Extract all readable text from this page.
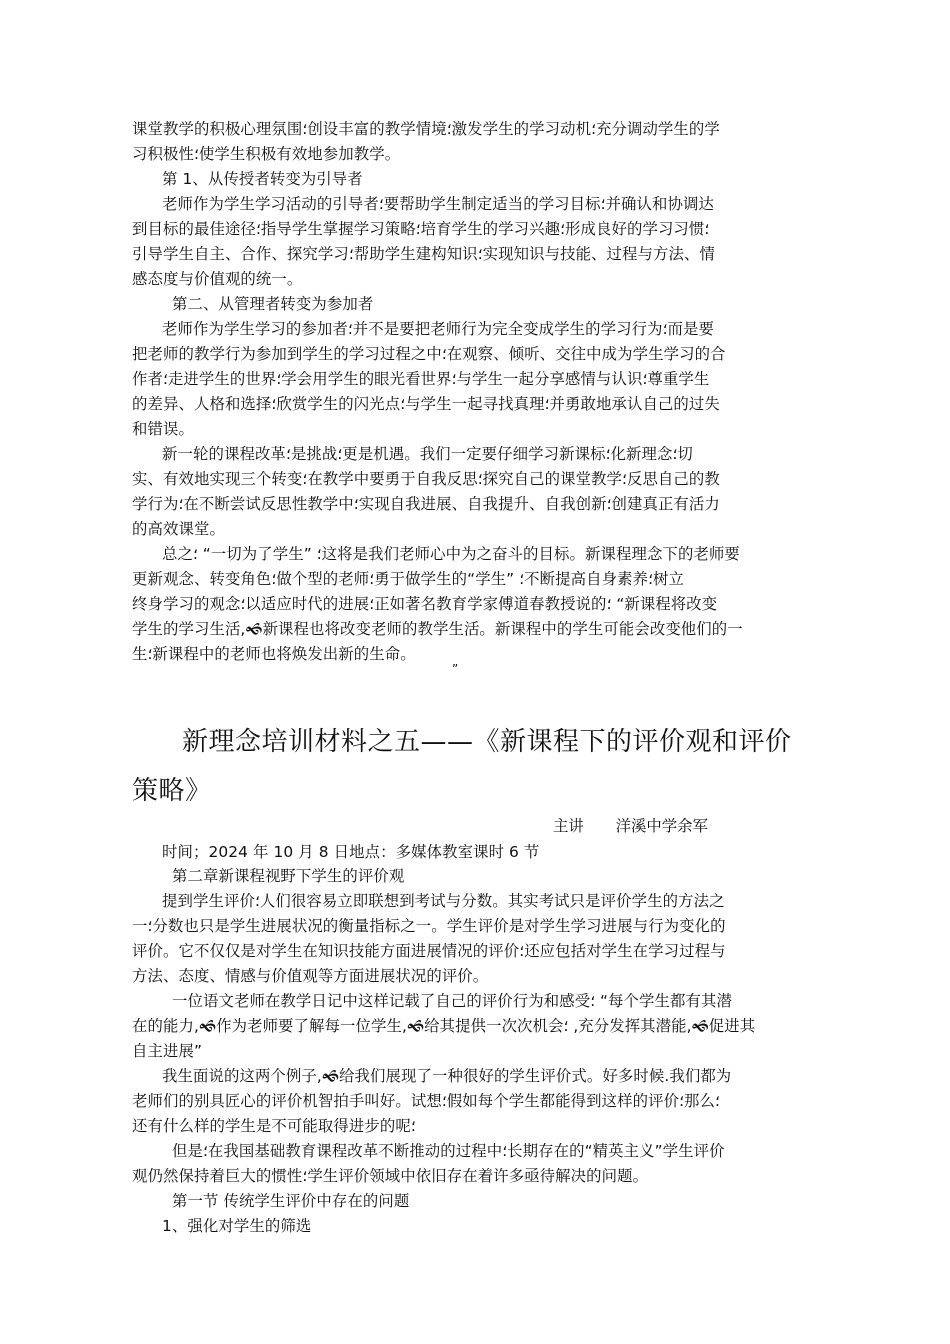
课堂教学的积极心理氛围؛创设丰富的教学情境؛激发学生的学习动机؛充分调动学生的学
习积极性؛使学生积极有效地参加教学。
第 1、从传授者转变为引导者
老师作为学生学习活动的引导者؛要帮助学生制定适当的学习目标؛并确认和协调达
到目标的最佳途径؛指导学生掌握学习策略؛培育学生的学习兴趣؛形成良好的学习习惯؛
引导学生自主、合作、探究学习؛帮助学生建构知识؛实现知识与技能、过程与方法、情
感态度与价值观的统一。
第二、从管理者转变为参加者
老师作为学生学习的参加者؛并不是要把老师行为完全变成学生的学习行为؛而是要
把老师的教学行为参加到学生的学习过程之中؛在观察、倾听、交往中成为学生学习的合
作者؛走进学生的世界؛学会用学生的眼光看世界؛与学生一起分享感情与认识؛尊重学生
的差异、人格和选择؛欣赏学生的闪光点؛与学生一起寻找真理؛并勇敢地承认自己的过失
和错误。
新一轮的课程改革؛是挑战؛更是机遇。我们一定要仔细学习新课标؛化新理念؛切
实、有效地实现三个转变؛在教学中要勇于自我反思؛探究自己的课堂教学؛反思自己的教
学行为؛在不断尝试反思性教学中؛实现自我进展、自我提升、自我创新؛创建真正有活力
的高效课堂。
总之؛ “一切为了学生” ؛这将是我们老师心中为之奋斗的目标。新课程理念下的老师要
更新观念、转变角色؛做个型的老师؛勇于做学生的“学生” ؛不断提高自身素养؛树立
终身学习的观念؛以适应时代的进展؛正如著名教育学家傅道春教授说的؛ “新课程将改变
学生的学习生活,🙜新课程也将改变老师的教学生活。新课程中的学生可能会改变他们的一
生؛新课程中的老师也将焕发出新的生命。
”
新理念培训材料之五——《新课程下的评价观和评价
策略》
主讲 洋溪中学余军
时间；2024 年 10 月 8 日地点：多媒体教室课时 6 节
第二章新课程视野下学生的评价观
提到学生评价؛人们很容易立即联想到考试与分数。其实考试只是评价学生的方法之
一؛分数也只是学生进展状况的衡量指标之一。学生评价是对学生学习进展与行为变化的
评价。它不仅仅是对学生在知识技能方面进展情况的评价؛还应包括对学生在学习过程与
方法、态度、情感与价值观等方面进展状况的评价。
一位语文老师在教学日记中这样记载了自己的评价行为和感受؛ “每个学生都有其潜
在的能力,🙜作为老师要了解每一位学生,🙜给其提供一次次机会؛ ,充分发挥其潜能,🙜促进其
自主进展”
我生面说的这两个例子,🙜给我们展现了一种很好的学生评价式。好多时候.我们都为
老师们的别具匠心的评价机智拍手叫好。试想؛假如每个学生都能得到这样的评价؛那么؛
还有什么样的学生是不可能取得进步的呢؛
但是؛在我国基础教育课程改革不断推动的过程中؛长期存在的“精英主义”学生评价
观仍然保持着巨大的惯性؛学生评价领域中依旧存在着许多亟待解决的问题。
第一节 传统学生评价中存在的问题
1、强化对学生的筛选
